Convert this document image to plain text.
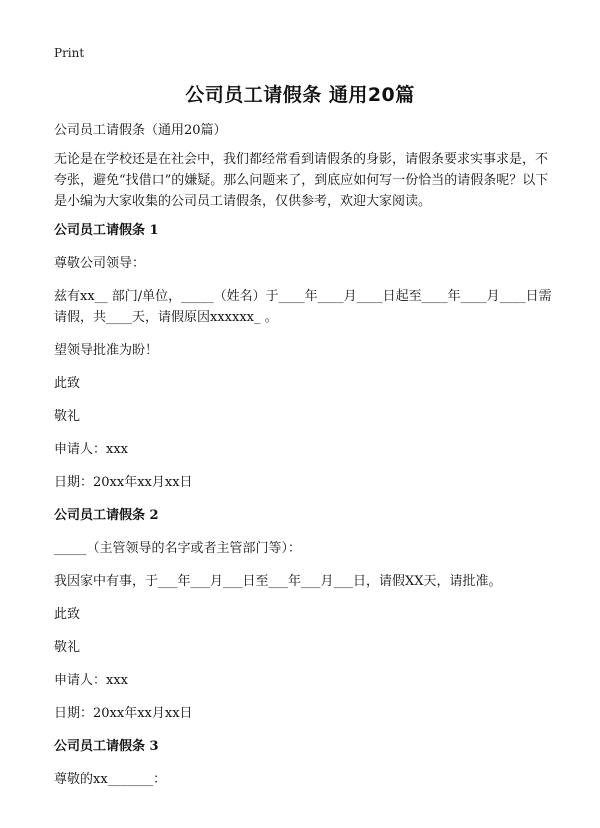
Print
公司员工请假条 通用20篇

公司员工请假条（通用20篇）

无论是在学校还是在社会中，我们都经常看到请假条的身影，请假条要求实事求是，不夸张，避免“找借口”的嫌疑。那么问题来了，到底应如何写一份恰当的请假条呢？以下是小编为大家收集的公司员工请假条，仅供参考，欢迎大家阅读。

公司员工请假条 1

尊敬公司领导：

兹有xx__ 部门/单位，_____（姓名）于____年____月____日起至____年____月____日需请假，共____天，请假原因xxxxxx_ 。

望领导批准为盼！

此致

敬礼

申请人：xxx

日期：20xx年xx月xx日

公司员工请假条 2

_____（主管领导的名字或者主管部门等）：

我因家中有事，于___年___月___日至___年___月___日，请假XX天，请批准。

此致

敬礼

申请人：xxx

日期：20xx年xx月xx日

公司员工请假条 3

尊敬的xx_______：
